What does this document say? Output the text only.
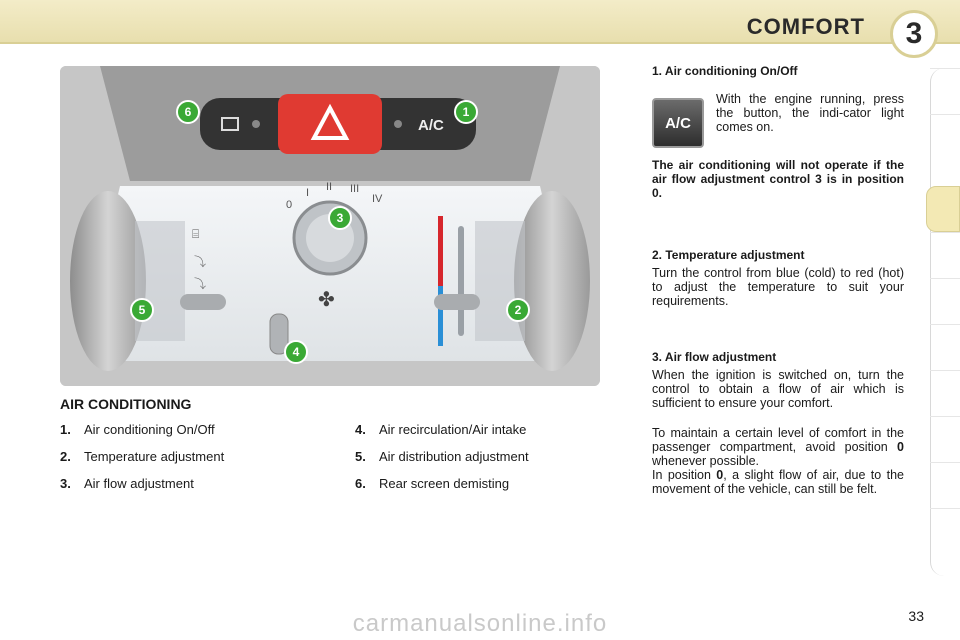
COMFORT	3
A/C
0
I II III
IV
✤
⌸
⤵
⤵
6	1
3
5	2
4
AIR CONDITIONING
1. Air conditioning On/Off
2. Temperature adjustment
3. Air flow adjustment
4. Air recirculation/Air intake
5. Air distribution adjustment
6. Rear screen demisting
1. Air conditioning On/Off
A/C
With the engine running, press the button, the indi-cator light comes on.
The air conditioning will not operate if the air flow adjustment control 3 is in position 0.
2. Temperature adjustment
Turn the control from blue (cold) to red (hot) to adjust the temperature to suit your requirements.
3. Air flow adjustment
When the ignition is switched on, turn the control to obtain a flow of air which is sufficient to ensure your comfort.
To maintain a certain level of comfort in the passenger compartment, avoid position 0 whenever possible.
In position 0, a slight flow of air, due to the movement of the vehicle, can still be felt.
33
carmanualsonline.info
